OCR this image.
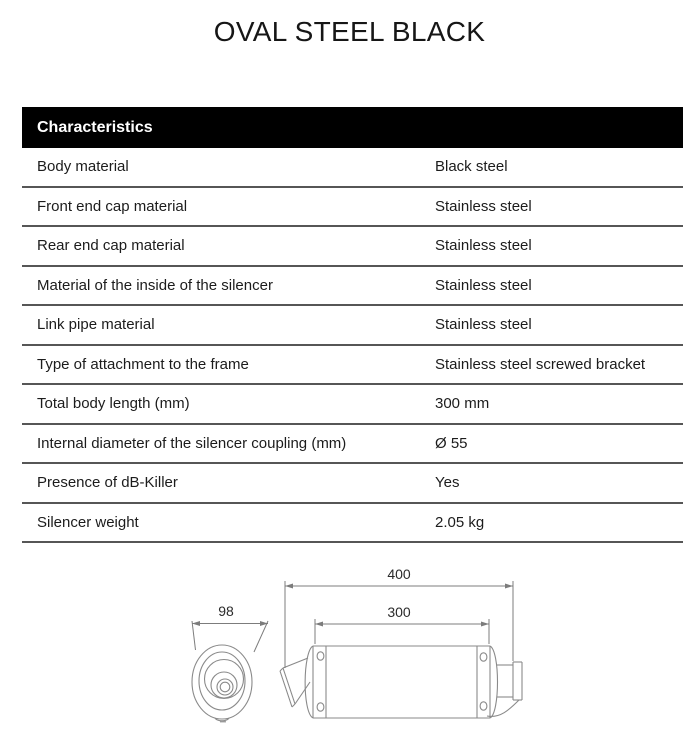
OVAL STEEL BLACK
Characteristics
Body material	Black steel
Front end cap material	Stainless steel
Rear end cap material	Stainless steel
Material of the inside of the silencer	Stainless steel
Link pipe material	Stainless steel
Type of attachment to the frame	Stainless steel screwed bracket
Total body length (mm)	300 mm
Internal diameter of the silencer coupling (mm)	Ø 55
Presence of dB-Killer	Yes
Silencer weight	2.05 kg
98
400
300
